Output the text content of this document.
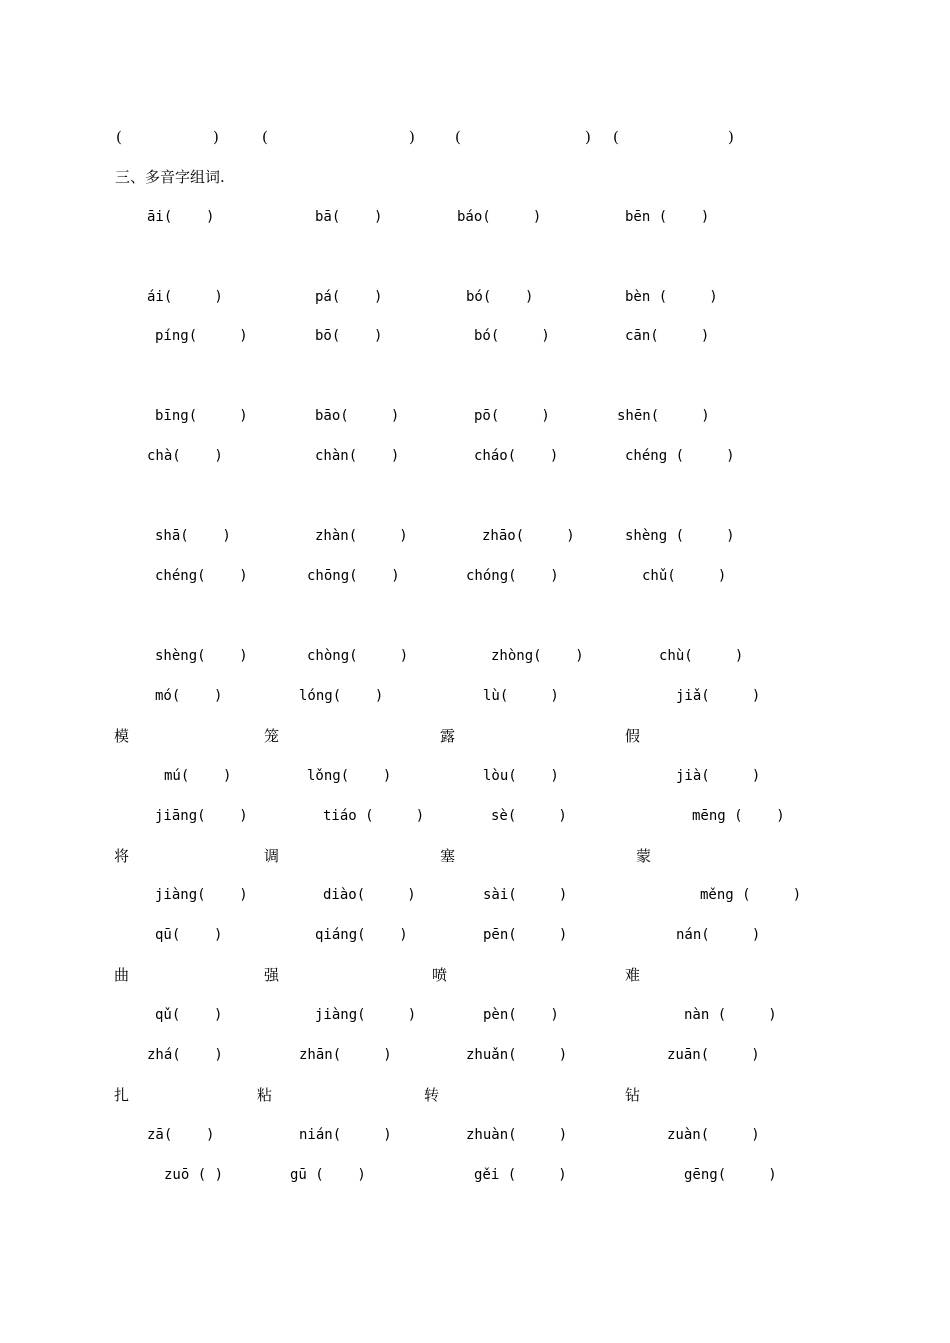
(	)	(	)	(	) (	)
三、多音字组词.
āi(    )	bā(    )	báo(     )	bēn (    )
ái(     )	pá(    )	bó(    )	bèn (     )
píng(     )	bō(    )	bó(     )	cān(     )
bīng(     )	bāo(     )	pō(     )	shēn(     )
chà(    )	chàn(    )	cháo(    )	chéng (     )
shā(    )	zhàn(     )	zhāo(     )	shèng (     )
chéng(    )	chōng(    )	chóng(    )	chǔ(     )
shèng(    )	chòng(     )	zhòng(    )	chù(     )
mó(    )	lóng(    )	lù(     )	jiǎ(     )
模	笼	露	假
mú(    )	lǒng(    )	lòu(    )	jià(     )
jiāng(    )	tiáo (     )	sè(     )	mēng (    )
将	调	塞	蒙
jiàng(    )	diào(     )	sài(     )	měng (     )
qū(    )	qiáng(    )	pēn(     )	nán(     )
曲	强	喷	难
qǔ(    )	jiàng(     )	pèn(    )	nàn (     )
zhá(    )	zhān(     )	zhuǎn(     )	zuān(     )
扎	粘	转	钻
zā(    )	nián(     )	zhuàn(     )	zuàn(     )
zuō ( )	gū (    )	gěi (     )	gēng(     )
